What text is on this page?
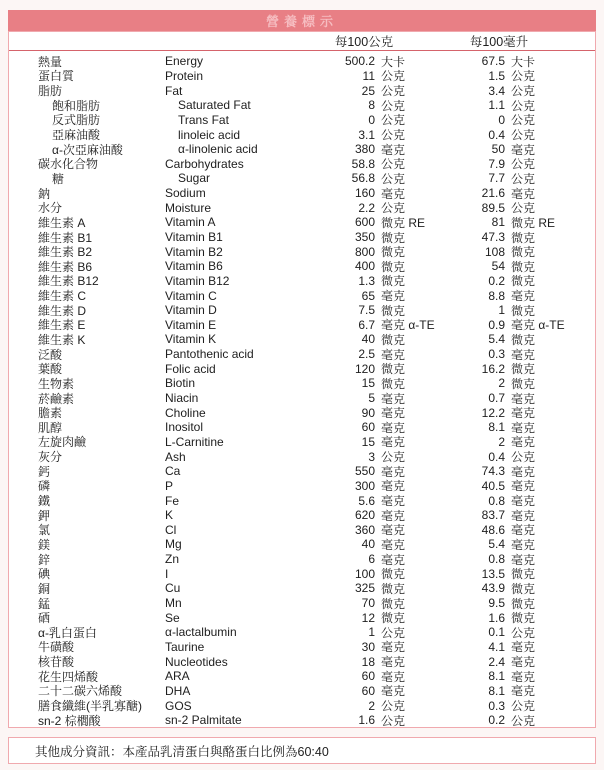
營養標示
每100公克	每100毫升
熱量	Energy	500.2 大卡	67.5 大卡
蛋白質	Protein	11 公克	1.5 公克
脂肪	Fat	25 公克	3.4 公克
飽和脂肪	Saturated Fat	8 公克	1.1 公克
反式脂肪	Trans Fat	0 公克	0 公克
亞麻油酸	linoleic acid	3.1 公克	0.4 公克
α-次亞麻油酸	α-linolenic acid	380 毫克	50 毫克
碳水化合物	Carbohydrates	58.8 公克	7.9 公克
糖	Sugar	56.8 公克	7.7 公克
鈉	Sodium	160 毫克	21.6 毫克
水分	Moisture	2.2 公克	89.5 公克
維生素 A	Vitamin A	600 微克 RE	81 微克 RE
維生素 B1	Vitamin B1	350 微克	47.3 微克
維生素 B2	Vitamin B2	800 微克	108 微克
維生素 B6	Vitamin B6	400 微克	54 微克
維生素 B12	Vitamin B12	1.3 微克	0.2 微克
維生素 C	Vitamin C	65 毫克	8.8 毫克
維生素 D	Vitamin D	7.5 微克	1 微克
維生素 E	Vitamin E	6.7 毫克 α-TE	0.9 毫克 α-TE
維生素 K	Vitamin K	40 微克	5.4 微克
泛酸	Pantothenic acid	2.5 毫克	0.3 毫克
葉酸	Folic acid	120 微克	16.2 微克
生物素	Biotin	15 微克	2 微克
菸鹼素	Niacin	5 毫克	0.7 毫克
膽素	Choline	90 毫克	12.2 毫克
肌醇	Inositol	60 毫克	8.1 毫克
左旋肉鹼	L-Carnitine	15 毫克	2 毫克
灰分	Ash	3 公克	0.4 公克
鈣	Ca	550 毫克	74.3 毫克
磷	P	300 毫克	40.5 毫克
鐵	Fe	5.6 毫克	0.8 毫克
鉀	K	620 毫克	83.7 毫克
氯	Cl	360 毫克	48.6 毫克
鎂	Mg	40 毫克	5.4 毫克
鋅	Zn	6 毫克	0.8 毫克
碘	I	100 微克	13.5 微克
銅	Cu	325 微克	43.9 微克
錳	Mn	70 微克	9.5 微克
硒	Se	12 微克	1.6 微克
α-乳白蛋白	α-lactalbumin	1 公克	0.1 公克
牛磺酸	Taurine	30 毫克	4.1 毫克
核苷酸	Nucleotides	18 毫克	2.4 毫克
花生四烯酸	ARA	60 毫克	8.1 毫克
二十二碳六烯酸	DHA	60 毫克	8.1 毫克
膳食纖維(半乳寡醣)	GOS	2 公克	0.3 公克
sn-2 棕櫚酸	sn-2 Palmitate	1.6 公克	0.2 公克
其他成分資訊：本產品乳清蛋白與酪蛋白比例為60:40
